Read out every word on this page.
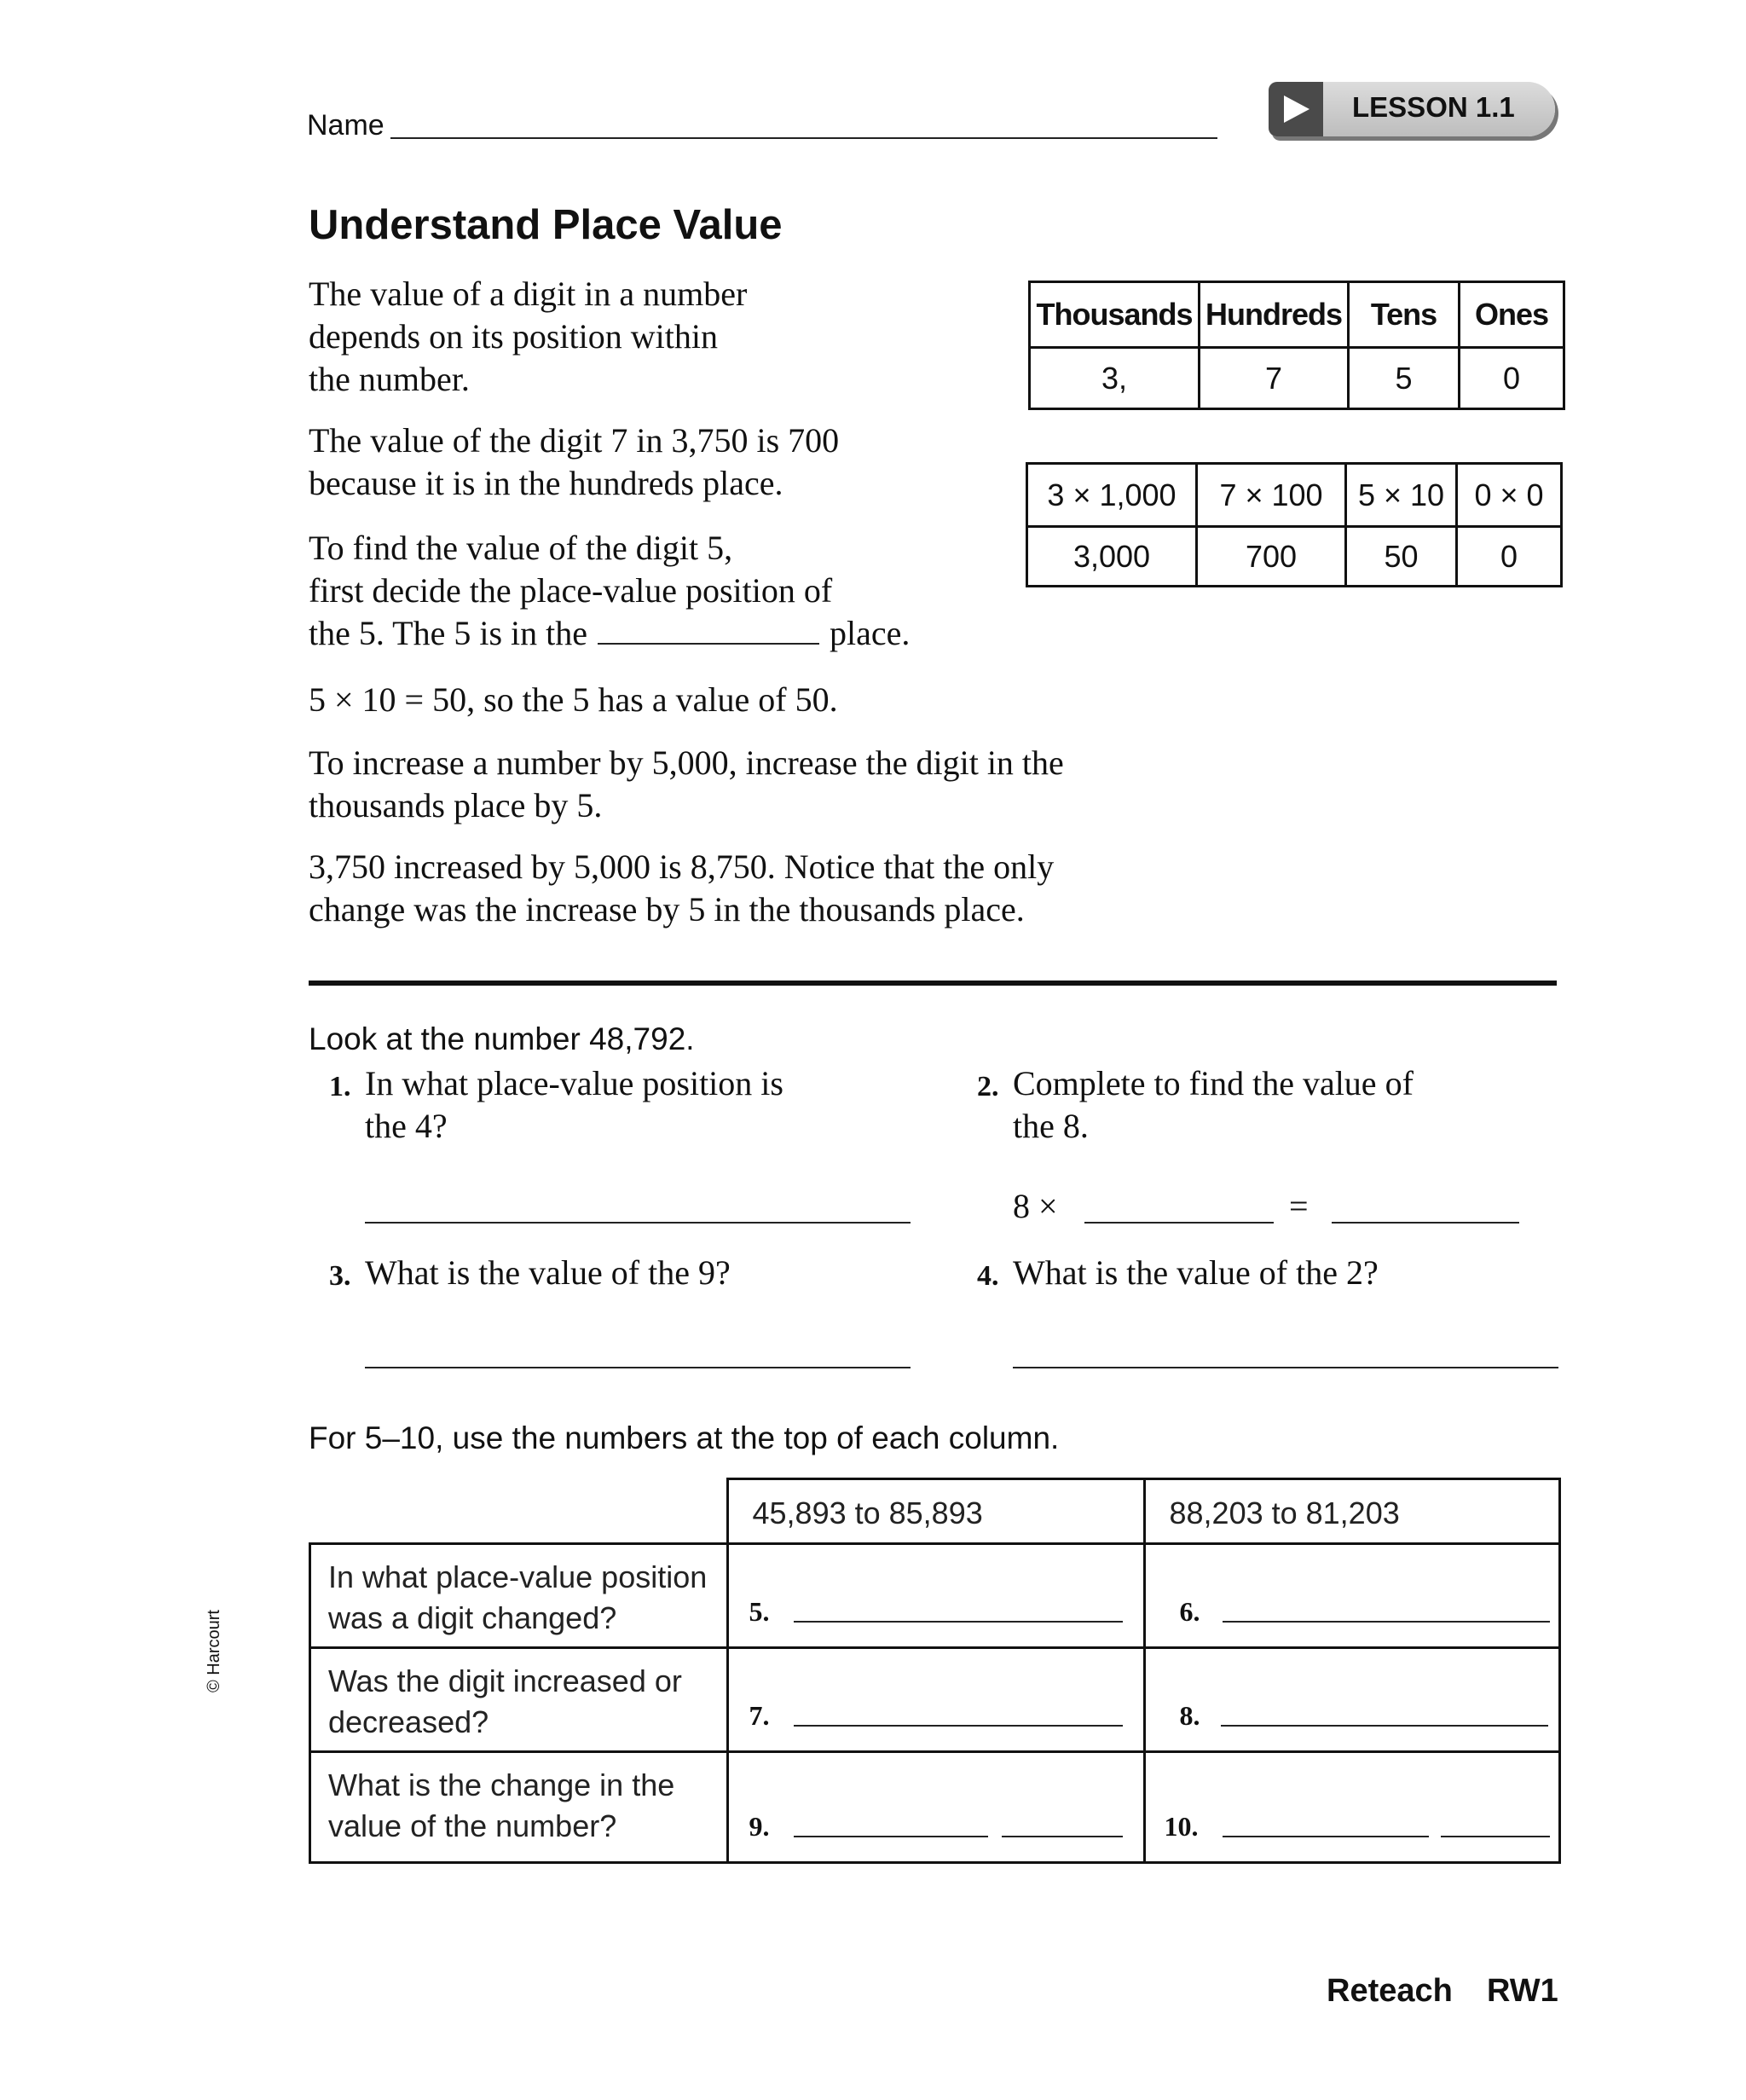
Name
LESSON 1.1
Understand Place Value
The value of a digit in a number
depends on its position within
the number.
The value of the digit 7 in 3,750 is 700
because it is in the hundreds place.
To find the value of the digit 5,
first decide the place-value position of
the 5. The 5 is in the	place.
5 × 10 = 50, so the 5 has a value of 50.
To increase a number by 5,000, increase the digit in the
thousands place by 5.
3,750 increased by 5,000 is 8,750. Notice that the only
change was the increase by 5 in the thousands place.
Thousands	Hundreds	Tens	Ones
3,	7	5	0
3 × 1,000	7 × 100	5 × 10	0 × 0
3,000	700	50	0
Look at the number 48,792.
1. In what place-value position is
the 4?
2. Complete to find the value of
the 8.
8 ×	=
3. What is the value of the 9?	4. What is the value of the 2?
For 5–10, use the numbers at the top of each column.

	45,893 to 85,893	88,203 to 81,203

In what place-value position
was a digit changed?	5.	6.

Was the digit increased or
decreased?	7.	8.

What is the change in the
value of the number?	9.	10.
© Harcourt
Reteach RW1
